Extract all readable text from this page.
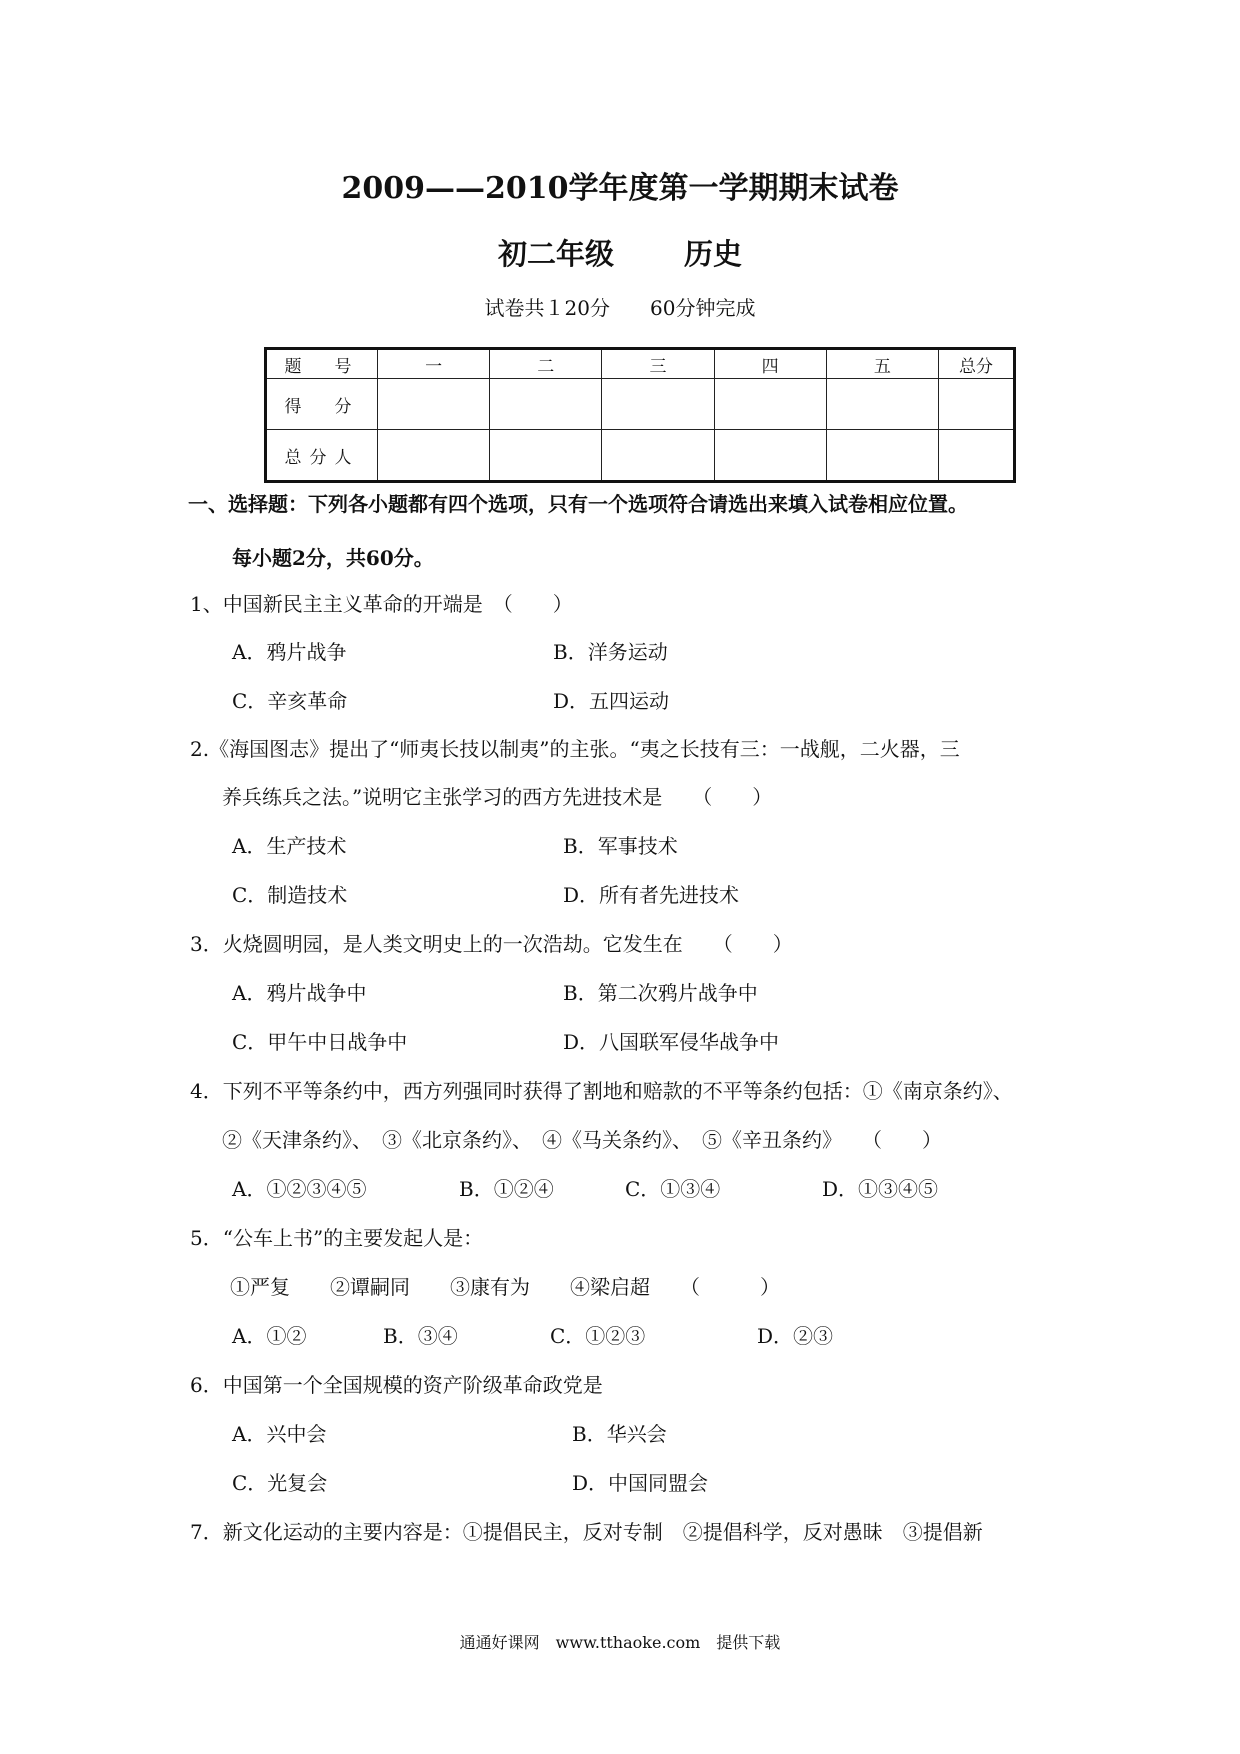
2009——2010学年度第一学期期末试卷
初二年级 历史
试卷共１20分 60分钟完成
题　号	一	二	三	四	五	总分
得　分						
总分人						
一、选择题：下列各小题都有四个选项，只有一个选项符合请选出来填入试卷相应位置。
每小题2分，共60分。
1、中国新民主主义革命的开端是　（　　）
A．鸦片战争	B．洋务运动
C．辛亥革命	D．五四运动
2.《海国图志》提出了“师夷长技以制夷”的主张。“夷之长技有三：一战舰，二火器，三
养兵练兵之法。”说明它主张学习的西方先进技术是　　（　　）
A．生产技术	B．军事技术
C．制造技术	D．所有者先进技术
3．火烧圆明园，是人类文明史上的一次浩劫。它发生在　　（　　）
A．鸦片战争中	B．第二次鸦片战争中
C．甲午中日战争中	D．八国联军侵华战争中
4．下列不平等条约中，西方列强同时获得了割地和赔款的不平等条约包括：①《南京条约》、
②《天津条约》、　③《北京条约》、　④《马关条约》、　⑤《辛丑条约》　　（　　）
A．①②③④⑤	B．①②④	C．①③④	D．①③④⑤
5．“公车上书”的主要发起人是：
①严复　　②谭嗣同　　③康有为　　④梁启超　　（　　　）
A．①②	B．③④	C．①②③	D．②③
6．中国第一个全国规模的资产阶级革命政党是
A．兴中会	B．华兴会
C．光复会	D．中国同盟会
7．新文化运动的主要内容是：①提倡民主，反对专制　②提倡科学，反对愚昧　③提倡新
通通好课网　www.tthaoke.com　提供下载
